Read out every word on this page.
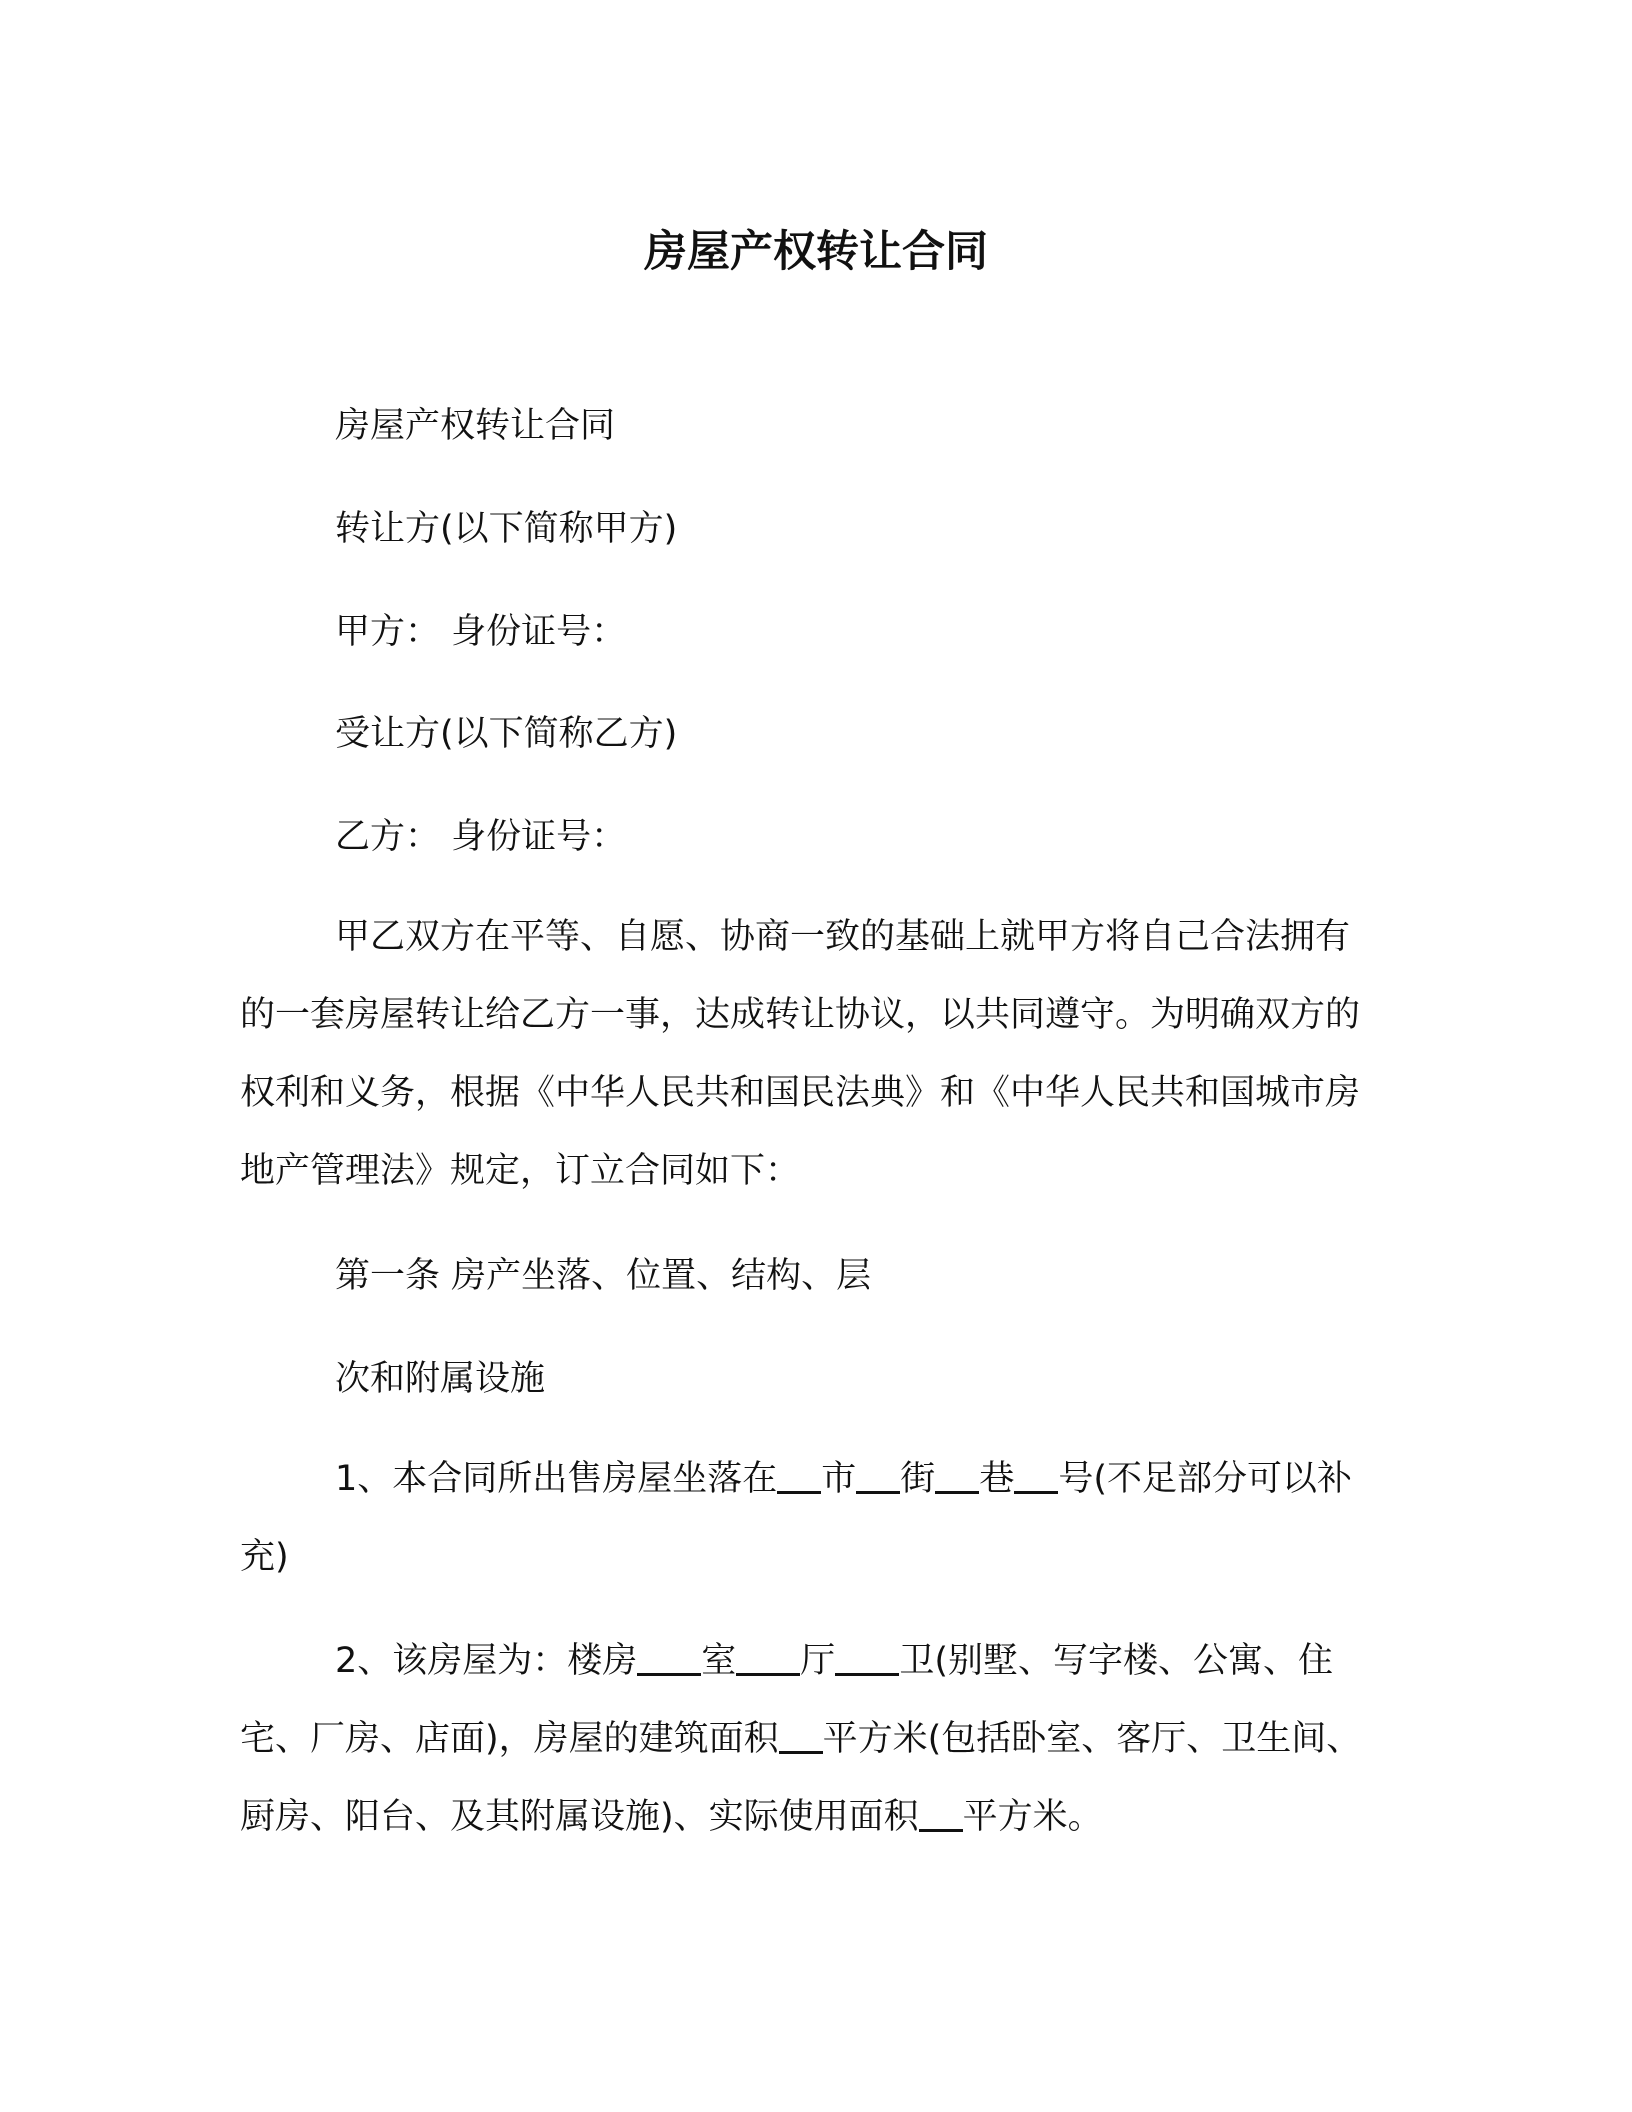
房屋产权转让合同

房屋产权转让合同

转让方(以下简称甲方)

甲方： 身份证号：

受让方(以下简称乙方)

乙方： 身份证号：

甲乙双方在平等、自愿、协商一致的基础上就甲方将自己合法拥有的一套房屋转让给乙方一事，达成转让协议，以共同遵守。为明确双方的权利和义务，根据《中华人民共和国民法典》和《中华人民共和国城市房地产管理法》规定，订立合同如下：

第一条 房产坐落、位置、结构、层

次和附属设施

1、本合同所出售房屋坐落在 市 街 巷 号(不足部分可以补充)

2、该房屋为：楼房 室 厅 卫(别墅、写字楼、公寓、住宅、厂房、店面)，房屋的建筑面积 平方米(包括卧室、客厅、卫生间、厨房、阳台、及其附属设施)、实际使用面积 平方米。
